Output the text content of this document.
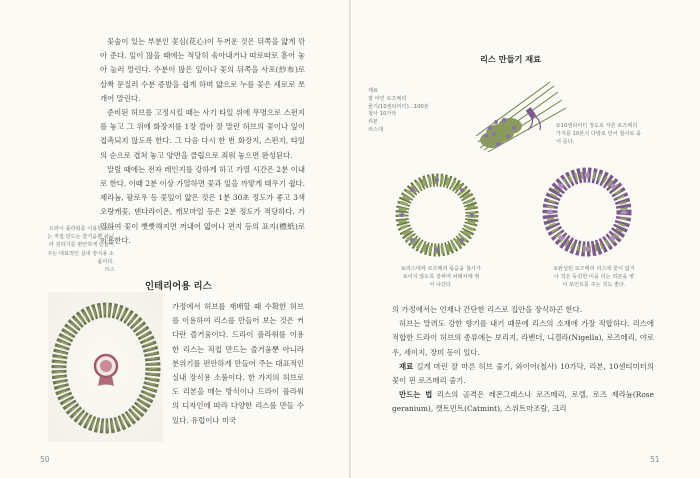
꽃술이 있는 부분인 꽃심(花心)이 두꺼운 것은 뒤쪽을 얇게 깎아 준다. 잎이 많을 때에는 적당히 솎아내거나 따로따로 흩어 놓아 눌러 말린다. 수분이 많은 잎이나 꽃의 뒤쪽을 사포(紗布)로 살짝 문질러 수분 증발을 쉽게 하며 얇으로 누를 꽃은 세로로 쪼개어 말린다.

준비된 허브를 고정시킬 때는 사기 타일 위에 무명으로 스펀지를 놓고 그 위에 화장지를 1장 깔아 잘 말린 허브의 꽃이나 잎이 접촉되지 않도록 한다. 그 다음 다시 한 번 화장지, 스펀지, 타일의 순으로 겹쳐 놓고 양면을 클립으로 죄워 놓으면 완성된다.

말릴 때에는 전자 레인지를 강하게 하고 가열 시간은 2분 이내로 한다. 이때 2분 이상 가열하면 꽃과 잎을 까맣게 태우기 쉽다. 제라늄, 팔로우 등 꽃잎이 얇은 것은 1분 30초 정도가 좋고 3색 오랑캐꽃, 덴다라이온, 캐모마일 등은 2분 정도가 적당하다. 가열하여 꽃이 빳빳해지면 꺼내어 엷어나 편지 등의 표지(標紙)로 이용한다.

드라이 플라워를 이용한 리스는 직접 만드는 즐거움뿐 아니라 원하기를 편안하게 만들어 주는 대표적인 실내 장식용 소품이다.
리스
인테리어용 리스

가정에서 허브를 재배할 때 수확한 허브를 이용하여 리스를 만들어 보는 것은 커다란 즐거움이다. 드라이 플라워를 이용한 리스는 직접 만드는 즐거움뿐 아니라 분위기를 편안하게 만들어 주는 대표적인 실내 장식용 소품이다. 한 가지의 허브로도 리본을 매는 방식이나 드라이 플라워의 디자인에 따라 다양한 리스를 만들 수 있다. 유럽이나 미국

50
리스 만들기 재료
재료
잘 마린 로즈메리
줄기(10센티미터)…100본
철사 10가닥
리본
리스대
①10센티미터 정도로 자른 로즈메리 가지를 10본식 다발로 만어 철사로 묶어 준다.
②리스대에 로즈메리 묶음을 철사가 보이지 않도록 감싸며 차례차례 엮어 나간다.
③완성된 로즈메리 리스에 꽃이 없거나 작은 동원한 이을 리는 리본을 엮어 포인트를 주는 것도 좋다.

의 가정에서는 언제나 간단한 리스로 집안을 장식하곤 한다.

허브는 말려도 강한 향기를 내기 때문에 리스의 소재에 가장 적합하다. 리스에 적합한 드라이 허브의 종류에는 보리지, 라벤더, 니겔라(Nigella), 로즈메리, 야로우, 세이지, 장미 등이 있다.

재료 길게 마린 잘 마른 허브 줄기, 와이어(철사) 10가닥, 리본, 10센티미터의 꽃이 핀 로즈메리 줄기.

만드는 법 리스의 골격은 레몬그래스나 로즈메리, 로렐, 로즈 제라늄(Rose geranium), 캣트민트(Catmint), 스위트마조람, 크리

51
